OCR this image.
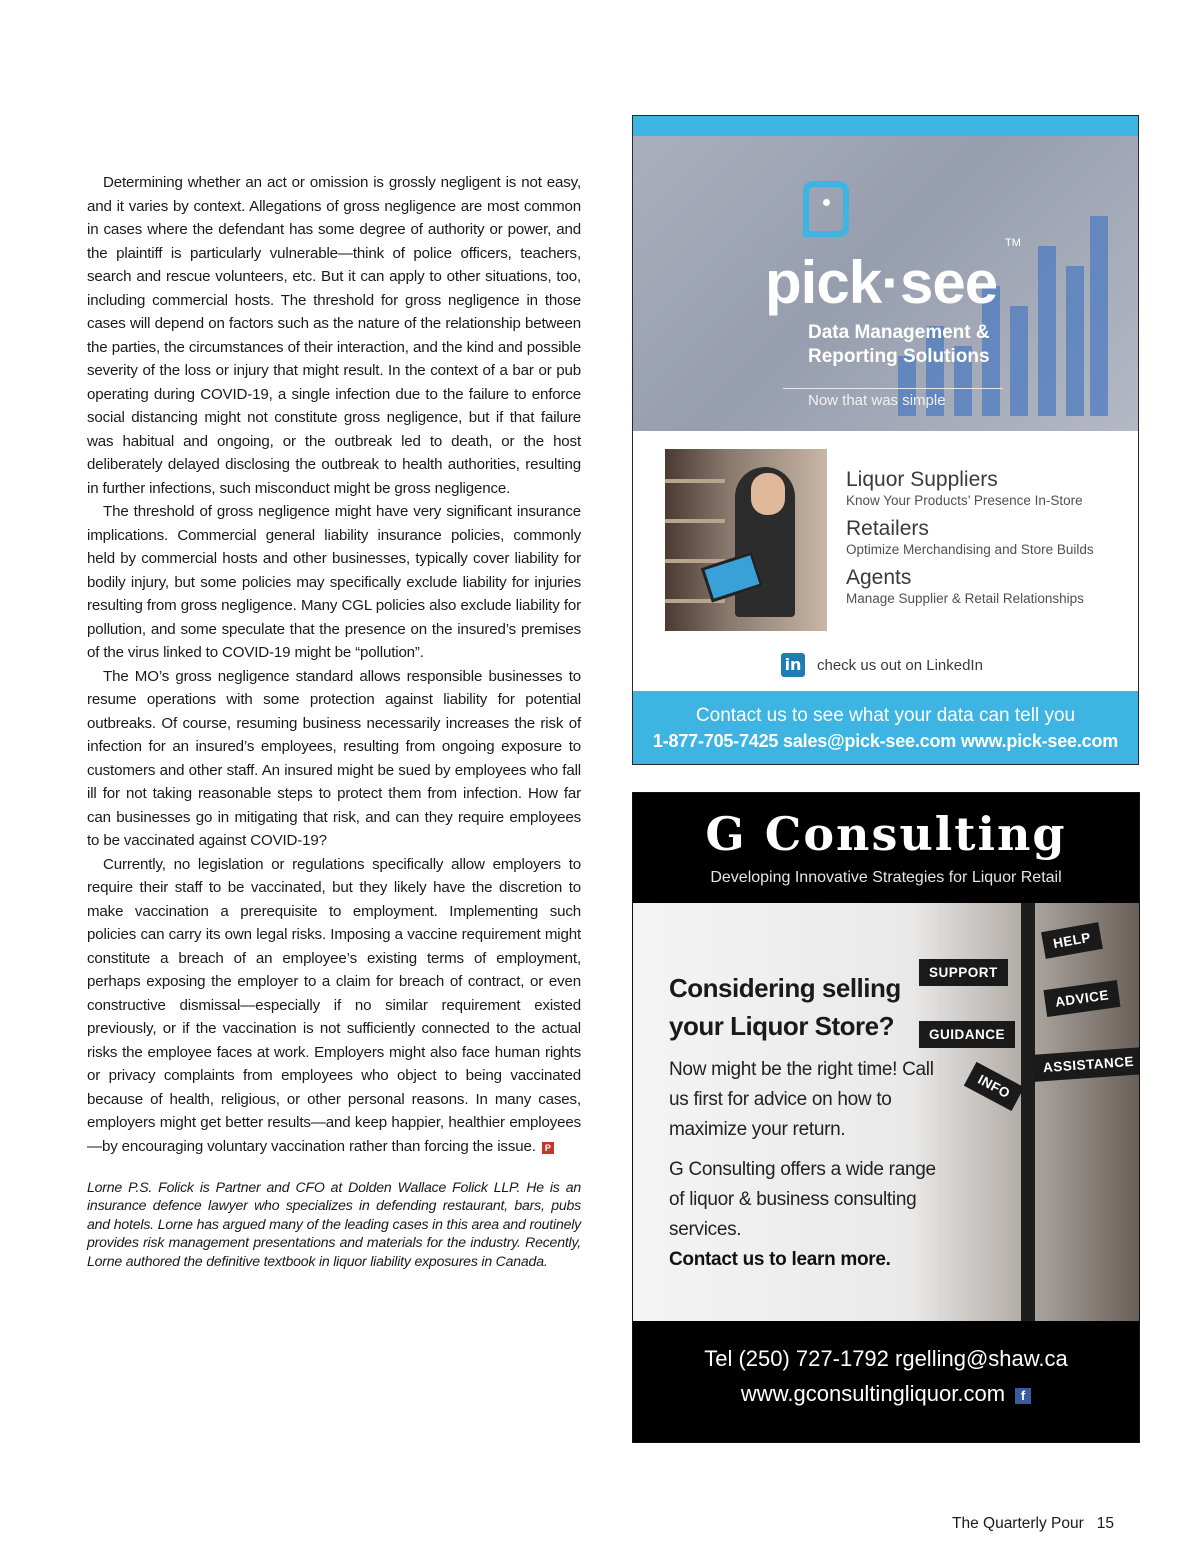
Determining whether an act or omission is grossly negligent is not easy, and it varies by context. Allegations of gross negligence are most common in cases where the defendant has some degree of authority or power, and the plaintiff is particularly vulnerable—think of police officers, teachers, search and rescue volunteers, etc. But it can apply to other situations, too, including commercial hosts. The threshold for gross negligence in those cases will depend on factors such as the nature of the relationship between the parties, the circumstances of their interaction, and the kind and possible severity of the loss or injury that might result. In the context of a bar or pub operating during COVID-19, a single infection due to the failure to enforce social distancing might not constitute gross negligence, but if that failure was habitual and ongoing, or the outbreak led to death, or the host deliberately delayed disclosing the outbreak to health authorities, resulting in further infections, such misconduct might be gross negligence.

The threshold of gross negligence might have very significant insurance implications. Commercial general liability insurance policies, commonly held by commercial hosts and other businesses, typically cover liability for bodily injury, but some policies may specifically exclude liability for injuries resulting from gross negligence. Many CGL policies also exclude liability for pollution, and some speculate that the presence on the insured’s premises of the virus linked to COVID-19 might be “pollution”.

The MO’s gross negligence standard allows responsible businesses to resume operations with some protection against liability for potential outbreaks. Of course, resuming business necessarily increases the risk of infection for an insured’s employees, resulting from ongoing exposure to customers and other staff. An insured might be sued by employees who fall ill for not taking reasonable steps to protect them from infection. How far can businesses go in mitigating that risk, and can they require employees to be vaccinated against COVID-19?

Currently, no legislation or regulations specifically allow employers to require their staff to be vaccinated, but they likely have the discretion to make vaccination a prerequisite to employment. Implementing such policies can carry its own legal risks. Imposing a vaccine requirement might constitute a breach of an employee’s existing terms of employment, perhaps exposing the employer to a claim for breach of contract, or even constructive dismissal—especially if no similar requirement existed previously, or if the vaccination is not sufficiently connected to the actual risks the employee faces at work. Employers might also face human rights or privacy complaints from employees who object to being vaccinated because of health, religious, or other personal reasons. In many cases, employers might get better results—and keep happier, healthier employees—by encouraging voluntary vaccination rather than forcing the issue. P

Lorne P.S. Folick is Partner and CFO at Dolden Wallace Folick LLP. He is an insurance defence lawyer who specializes in defending restaurant, bars, pubs and hotels. Lorne has argued many of the leading cases in this area and routinely provides risk management presentations and materials for the industry. Recently, Lorne authored the definitive textbook in liquor liability exposures in Canada.
pick·see
TM
Data Management & Reporting Solutions
Now that was simple
Liquor Suppliers
Know Your Products’ Presence In-Store
Retailers
Optimize Merchandising and Store Builds
Agents
Manage Supplier & Retail Relationships
in check us out on LinkedIn
Contact us to see what your data can tell you
1-877-705-7425 sales@pick-see.com www.pick-see.com
G Consulting
Developing Innovative Strategies for Liquor Retail
HELP
SUPPORT
ADVICE
GUIDANCE
ASSISTANCE
INFO
Considering selling your Liquor Store?
Now might be the right time! Call us first for advice on how to maximize your return.
G Consulting offers a wide range of liquor & business consulting services.
Contact us to learn more.
Tel (250) 727-1792 rgelling@shaw.ca
www.gconsultingliquor.com f
The Quarterly Pour 15
